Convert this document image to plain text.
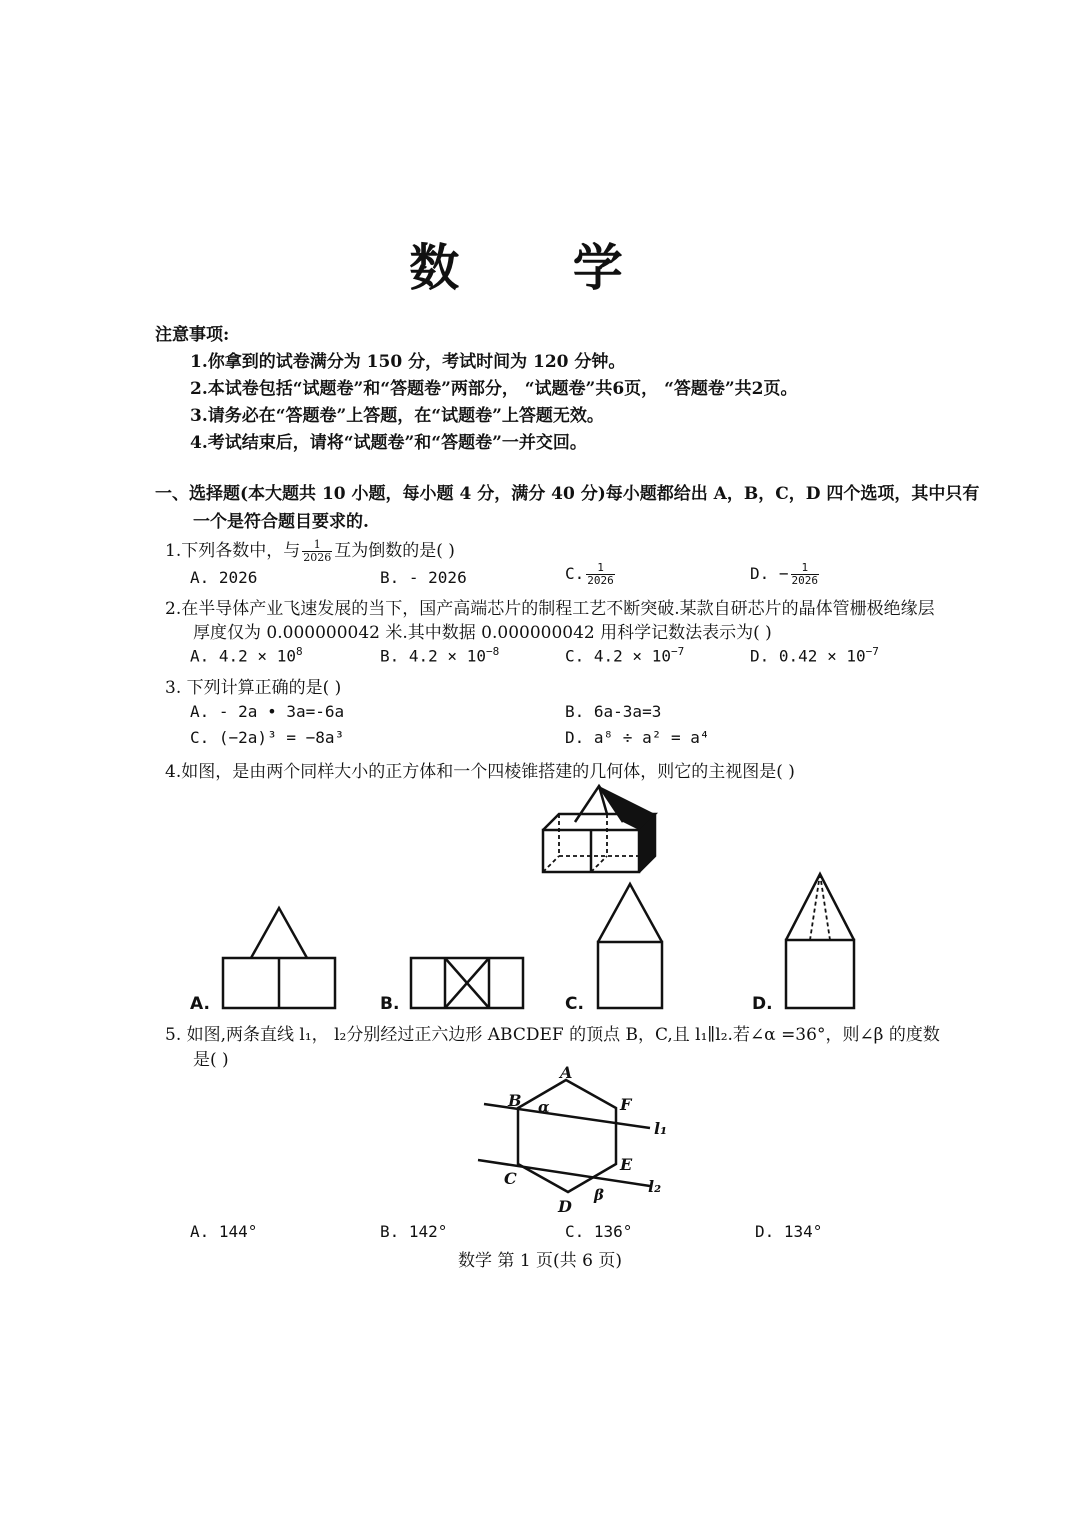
数 学
注意事项:
1.你拿到的试卷满分为 150 分，考试时间为 120 分钟。
2.本试卷包括“试题卷”和“答题卷”两部分， “试题卷”共6页， “答题卷”共2页。
3.请务必在“答题卷”上答题，在“试题卷”上答题无效。
4.考试结束后，请将“试题卷”和“答题卷”一并交回。
一、选择题(本大题共 10 小题，每小题 4 分，满分 40 分)每小题都给出 A，B，C，D 四个选项，其中只有
一个是符合题目要求的.
1.下列各数中，与 $\frac{1}{2026}$ 互为倒数的是( )
A. 2026	B. - 2026	C. $\frac{1}{2026}$	D. − $\frac{1}{2026}$
2.在半导体产业飞速发展的当下，国产高端芯片的制程工艺不断突破.某款自研芯片的晶体管栅极绝缘层
厚度仅为 0.000000042 米.其中数据 0.000000042 用科学记数法表示为( )
A. $4.2 \times 10^8$	B. $4.2 \times 10^{-8}$	C. $4.2 \times 10^{-7}$	D. $0.42 \times 10^{-7}$
3. 下列计算正确的是( )
A. - 2a • 3a=-6a	B. 6a-3a=3
C. (−2a)³ = −8a³	D. a⁸ ÷ a² = a⁴
4.如图，是由两个同样大小的正方体和一个四棱锥搭建的几何体，则它的主视图是( )
A.	B.	C.	D.
5. 如图,两条直线 l₁， l₂分别经过正六边形 ABCDEF 的顶点 B，C,且 l₁∥l₂.若∠α =36°，则∠β 的度数
是( )
A
F
E
D
C
B α
β
l₁
l₂
A. 144°	B. 142°	C. 136°	D. 134°
数学 第 1 页(共 6 页)
